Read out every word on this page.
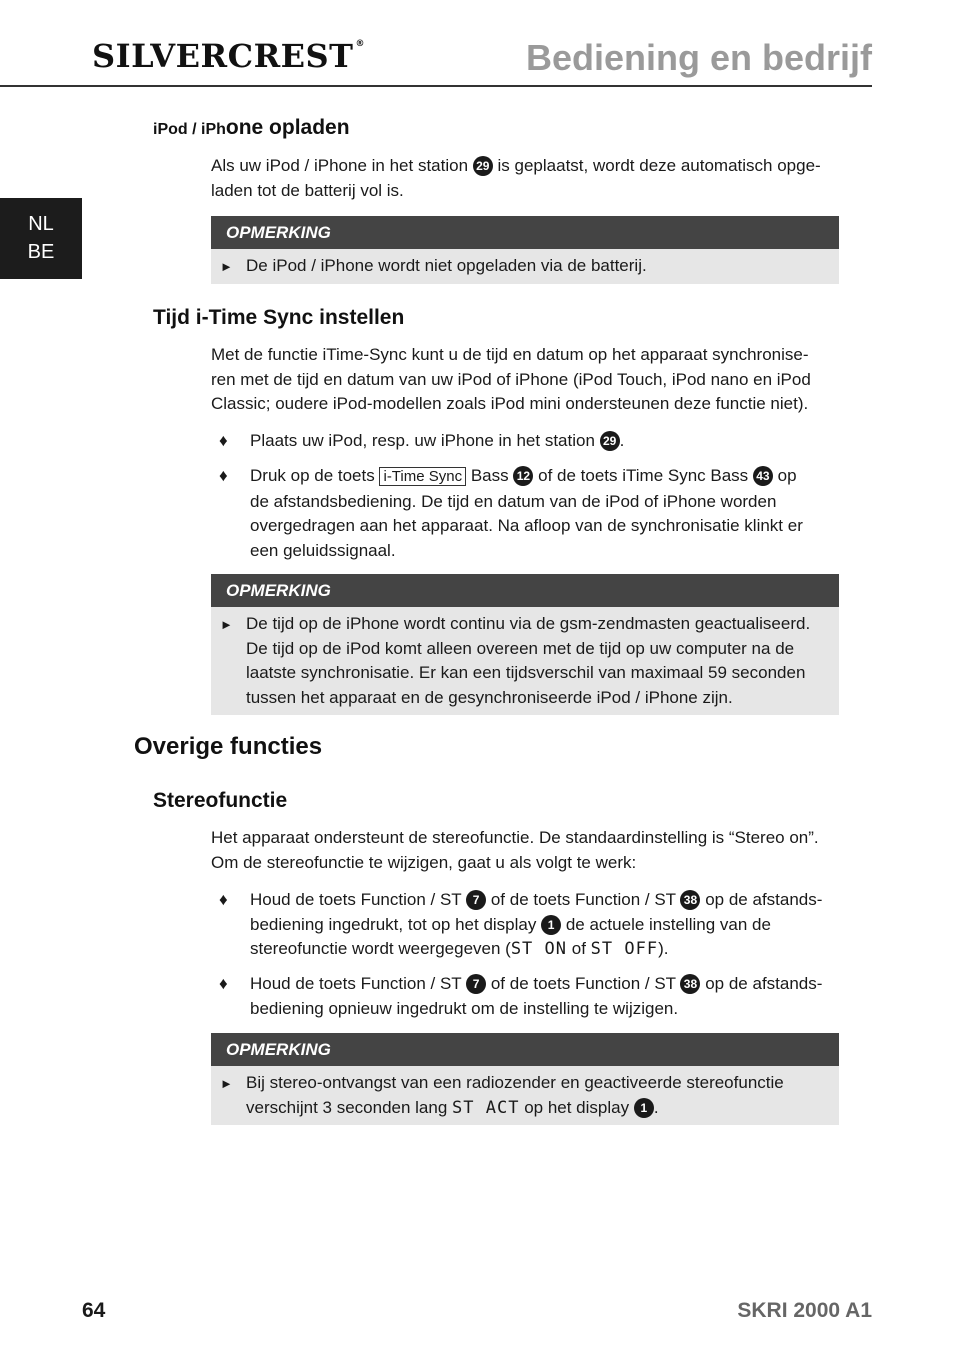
SILVERCREST ®	Bediening en bedrijf
NL
BE
iPod / iPhone opladen
Als uw iPod / iPhone in het station 29 is geplaatst, wordt deze automatisch opge-
laden tot de batterij vol is.
OPMERKING
► De iPod / iPhone wordt niet opgeladen via de batterij.
Tijd i-Time Sync instellen
Met de functie iTime-Sync kunt u de tijd en datum op het apparaat synchronise-
ren met de tijd en datum van uw iPod of iPhone (iPod Touch, iPod nano en iPod
Classic; oudere iPod-modellen zoals iPod mini ondersteunen deze functie niet).
♦ Plaats uw iPod, resp. uw iPhone in het station 29 .
♦ Druk op de toets i-Time Sync Bass 12 of de toets iTime Sync Bass 43 op
de afstandsbediening. De tijd en datum van de iPod of iPhone worden
overgedragen aan het apparaat. Na afloop van de synchronisatie klinkt er
een geluidssignaal.
OPMERKING
► De tijd op de iPhone wordt continu via de gsm-zendmasten geactualiseerd.
De tijd op de iPod komt alleen overeen met de tijd op uw computer na de
laatste synchronisatie. Er kan een tijdsverschil van maximaal 59 seconden
tussen het apparaat en de gesynchroniseerde iPod / iPhone zijn.
Overige functies
Stereofunctie
Het apparaat ondersteunt de stereofunctie. De standaardinstelling is “Stereo on”.
Om de stereofunctie te wijzigen, gaat u als volgt te werk:
♦ Houd de toets Function / ST 7 of de toets Function / ST 38 op de afstands-
bediening ingedrukt, tot op het display 1 de actuele instelling van de
stereofunctie wordt weergegeven (ST ON of ST OFF).
♦ Houd de toets Function / ST 7 of de toets Function / ST 38 op de afstands-
bediening opnieuw ingedrukt om de instelling te wijzigen.
OPMERKING
► Bij stereo-ontvangst van een radiozender en geactiveerde stereofunctie
verschijnt 3 seconden lang ST ACT op het display 1 .
64	SKRI 2000 A1
